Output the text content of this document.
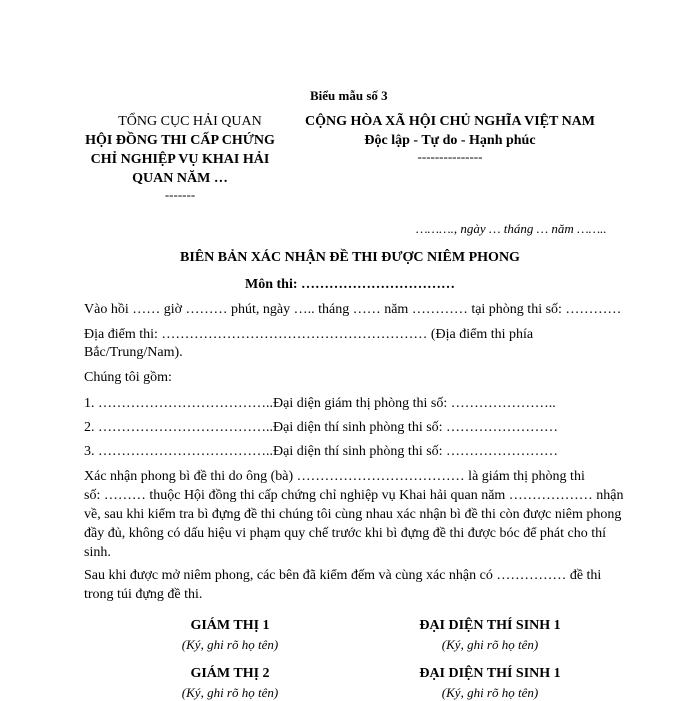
Biểu mẫu số 3
TỔNG CỤC HẢI QUAN
HỘI ĐỒNG THI CẤP CHỨNG
CHỈ NGHIỆP VỤ KHAI HẢI
QUAN NĂM …
-------
CỘNG HÒA XÃ HỘI CHỦ NGHĨA VIỆT NAM
Độc lập - Tự do - Hạnh phúc
---------------
………., ngày … tháng … năm ……..
BIÊN BẢN XÁC NHẬN ĐỀ THI ĐƯỢC NIÊM PHONG
Môn thi: ……………………………
Vào hồi …… giờ ……… phút, ngày ….. tháng …… năm ………… tại phòng thi số: …………
Địa điểm thi: ………………………………………………… (Địa điểm thi phía
Bắc/Trung/Nam).
Chúng tôi gồm:
1. ………………………………..Đại diện giám thị phòng thi số: …………………..
2. ………………………………..Đại diện thí sinh phòng thi số: ……………………
3. ………………………………..Đại diện thí sinh phòng thi số: ……………………
Xác nhận phong bì đề thi do ông (bà) ……………………………… là giám thị phòng thi
số: ……… thuộc Hội đồng thi cấp chứng chỉ nghiệp vụ Khai hải quan năm ……………… nhận
về, sau khi kiểm tra bì đựng đề thi chúng tôi cùng nhau xác nhận bì đề thi còn được niêm phong
đầy đủ, không có dấu hiệu vi phạm quy chế trước khi bì đựng đề thi được bóc để phát cho thí
sinh.
Sau khi được mở niêm phong, các bên đã kiểm đếm và cùng xác nhận có …………… đề thi
trong túi đựng đề thi.
GIÁM THỊ 1
(Ký, ghi rõ họ tên)
ĐẠI DIỆN THÍ SINH 1
(Ký, ghi rõ họ tên)
GIÁM THỊ 2
(Ký, ghi rõ họ tên)
ĐẠI DIỆN THÍ SINH 1
(Ký, ghi rõ họ tên)
